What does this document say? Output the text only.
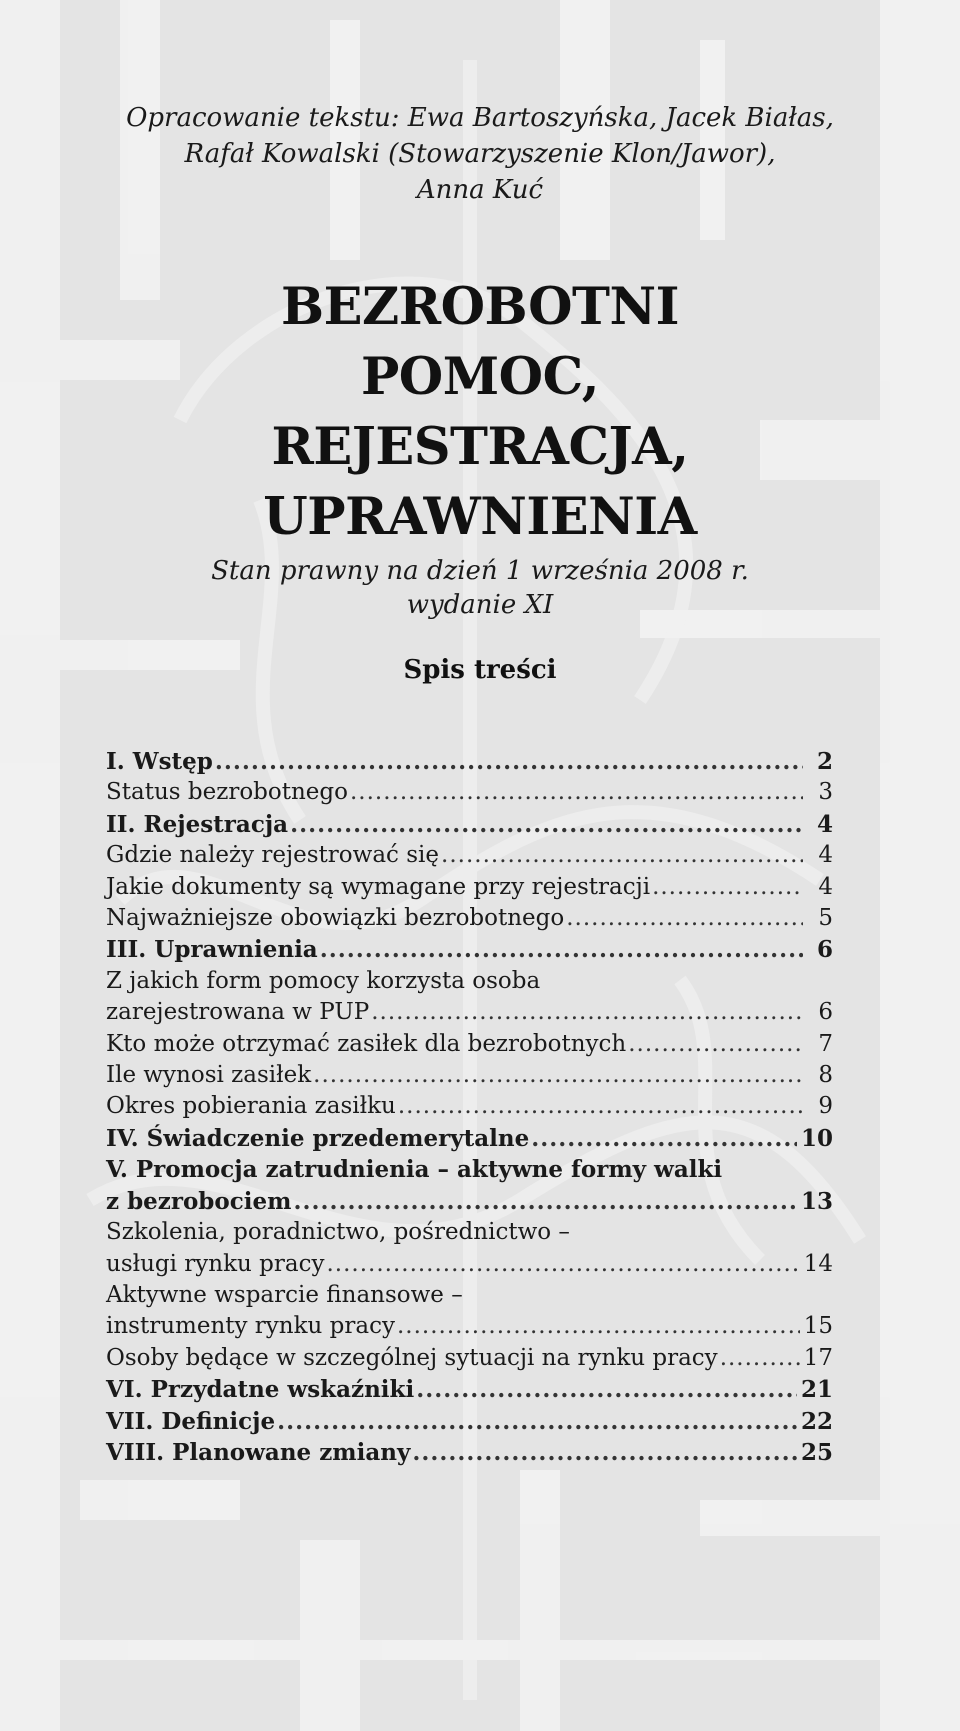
Opracowanie tekstu: Ewa Bartoszyńska, Jacek Białas,
Rafał Kowalski (Stowarzyszenie Klon/Jawor),
Anna Kuć
BEZROBOTNI
POMOC,
REJESTRACJA,
UPRAWNIENIA
Stan prawny na dzień 1 września 2008 r.
wydanie XI
Spis treści
I. Wstęp .....	2
Status bezrobotnego .....	3
II. Rejestracja .....	4
Gdzie należy rejestrować się .....	4
Jakie dokumenty są wymagane przy rejestracji .....	4
Najważniejsze obowiązki bezrobotnego .....	5
III. Uprawnienia .....	6
Z jakich form pomocy korzysta osoba
zarejestrowana w PUP .....	6
Kto może otrzymać zasiłek dla bezrobotnych .....	7
Ile wynosi zasiłek .....	8
Okres pobierania zasiłku .....	9
IV. Świadczenie przedemerytalne .....	10
V. Promocja zatrudnienia – aktywne formy walki
z bezrobociem .....	13
Szkolenia, poradnictwo, pośrednictwo –
usługi rynku pracy .....	14
Aktywne wsparcie finansowe –
instrumenty rynku pracy .....	15
Osoby będące w szczególnej sytuacji na rynku pracy .....	17
VI. Przydatne wskaźniki .....	21
VII. Definicje .....	22
VIII. Planowane zmiany .....	25
